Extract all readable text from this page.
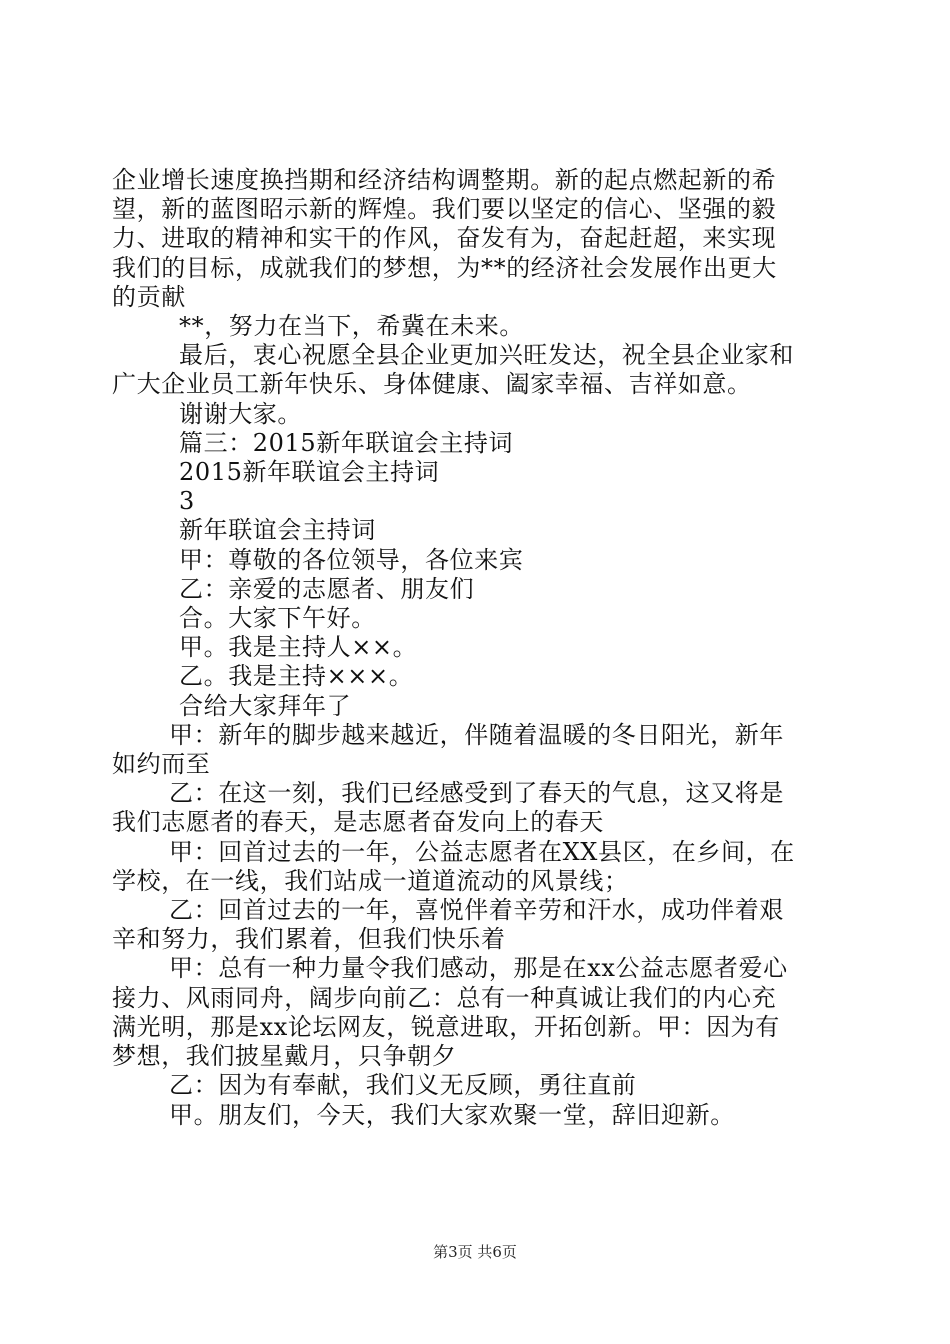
企业增长速度换挡期和经济结构调整期。新的起点燃起新的希
望，新的蓝图昭示新的辉煌。我们要以坚定的信心、坚强的毅
力、进取的精神和实干的作风，奋发有为，奋起赶超，来实现
我们的目标，成就我们的梦想，为**的经济社会发展作出更大
的贡献
**，努力在当下，希冀在未来。
最后，衷心祝愿全县企业更加兴旺发达，祝全县企业家和
广大企业员工新年快乐、身体健康、阖家幸福、吉祥如意。
谢谢大家。
篇三：2015新年联谊会主持词
2015新年联谊会主持词
3
新年联谊会主持词
甲：尊敬的各位领导，各位来宾
乙：亲爱的志愿者、朋友们
合。大家下午好。
甲。我是主持人××。
乙。我是主持×××。
合给大家拜年了
甲：新年的脚步越来越近，伴随着温暖的冬日阳光，新年
如约而至
乙：在这一刻，我们已经感受到了春天的气息，这又将是
我们志愿者的春天，是志愿者奋发向上的春天
甲：回首过去的一年，公益志愿者在XX县区，在乡间，在
学校，在一线，我们站成一道道流动的风景线；
乙：回首过去的一年，喜悦伴着辛劳和汗水，成功伴着艰
辛和努力，我们累着，但我们快乐着
甲：总有一种力量令我们感动，那是在xx公益志愿者爱心
接力、风雨同舟，阔步向前乙：总有一种真诚让我们的内心充
满光明，那是xx论坛网友，锐意进取，开拓创新。甲：因为有
梦想，我们披星戴月，只争朝夕
乙：因为有奉献，我们义无反顾，勇往直前
甲。朋友们，今天，我们大家欢聚一堂，辞旧迎新。
第3页 共6页
